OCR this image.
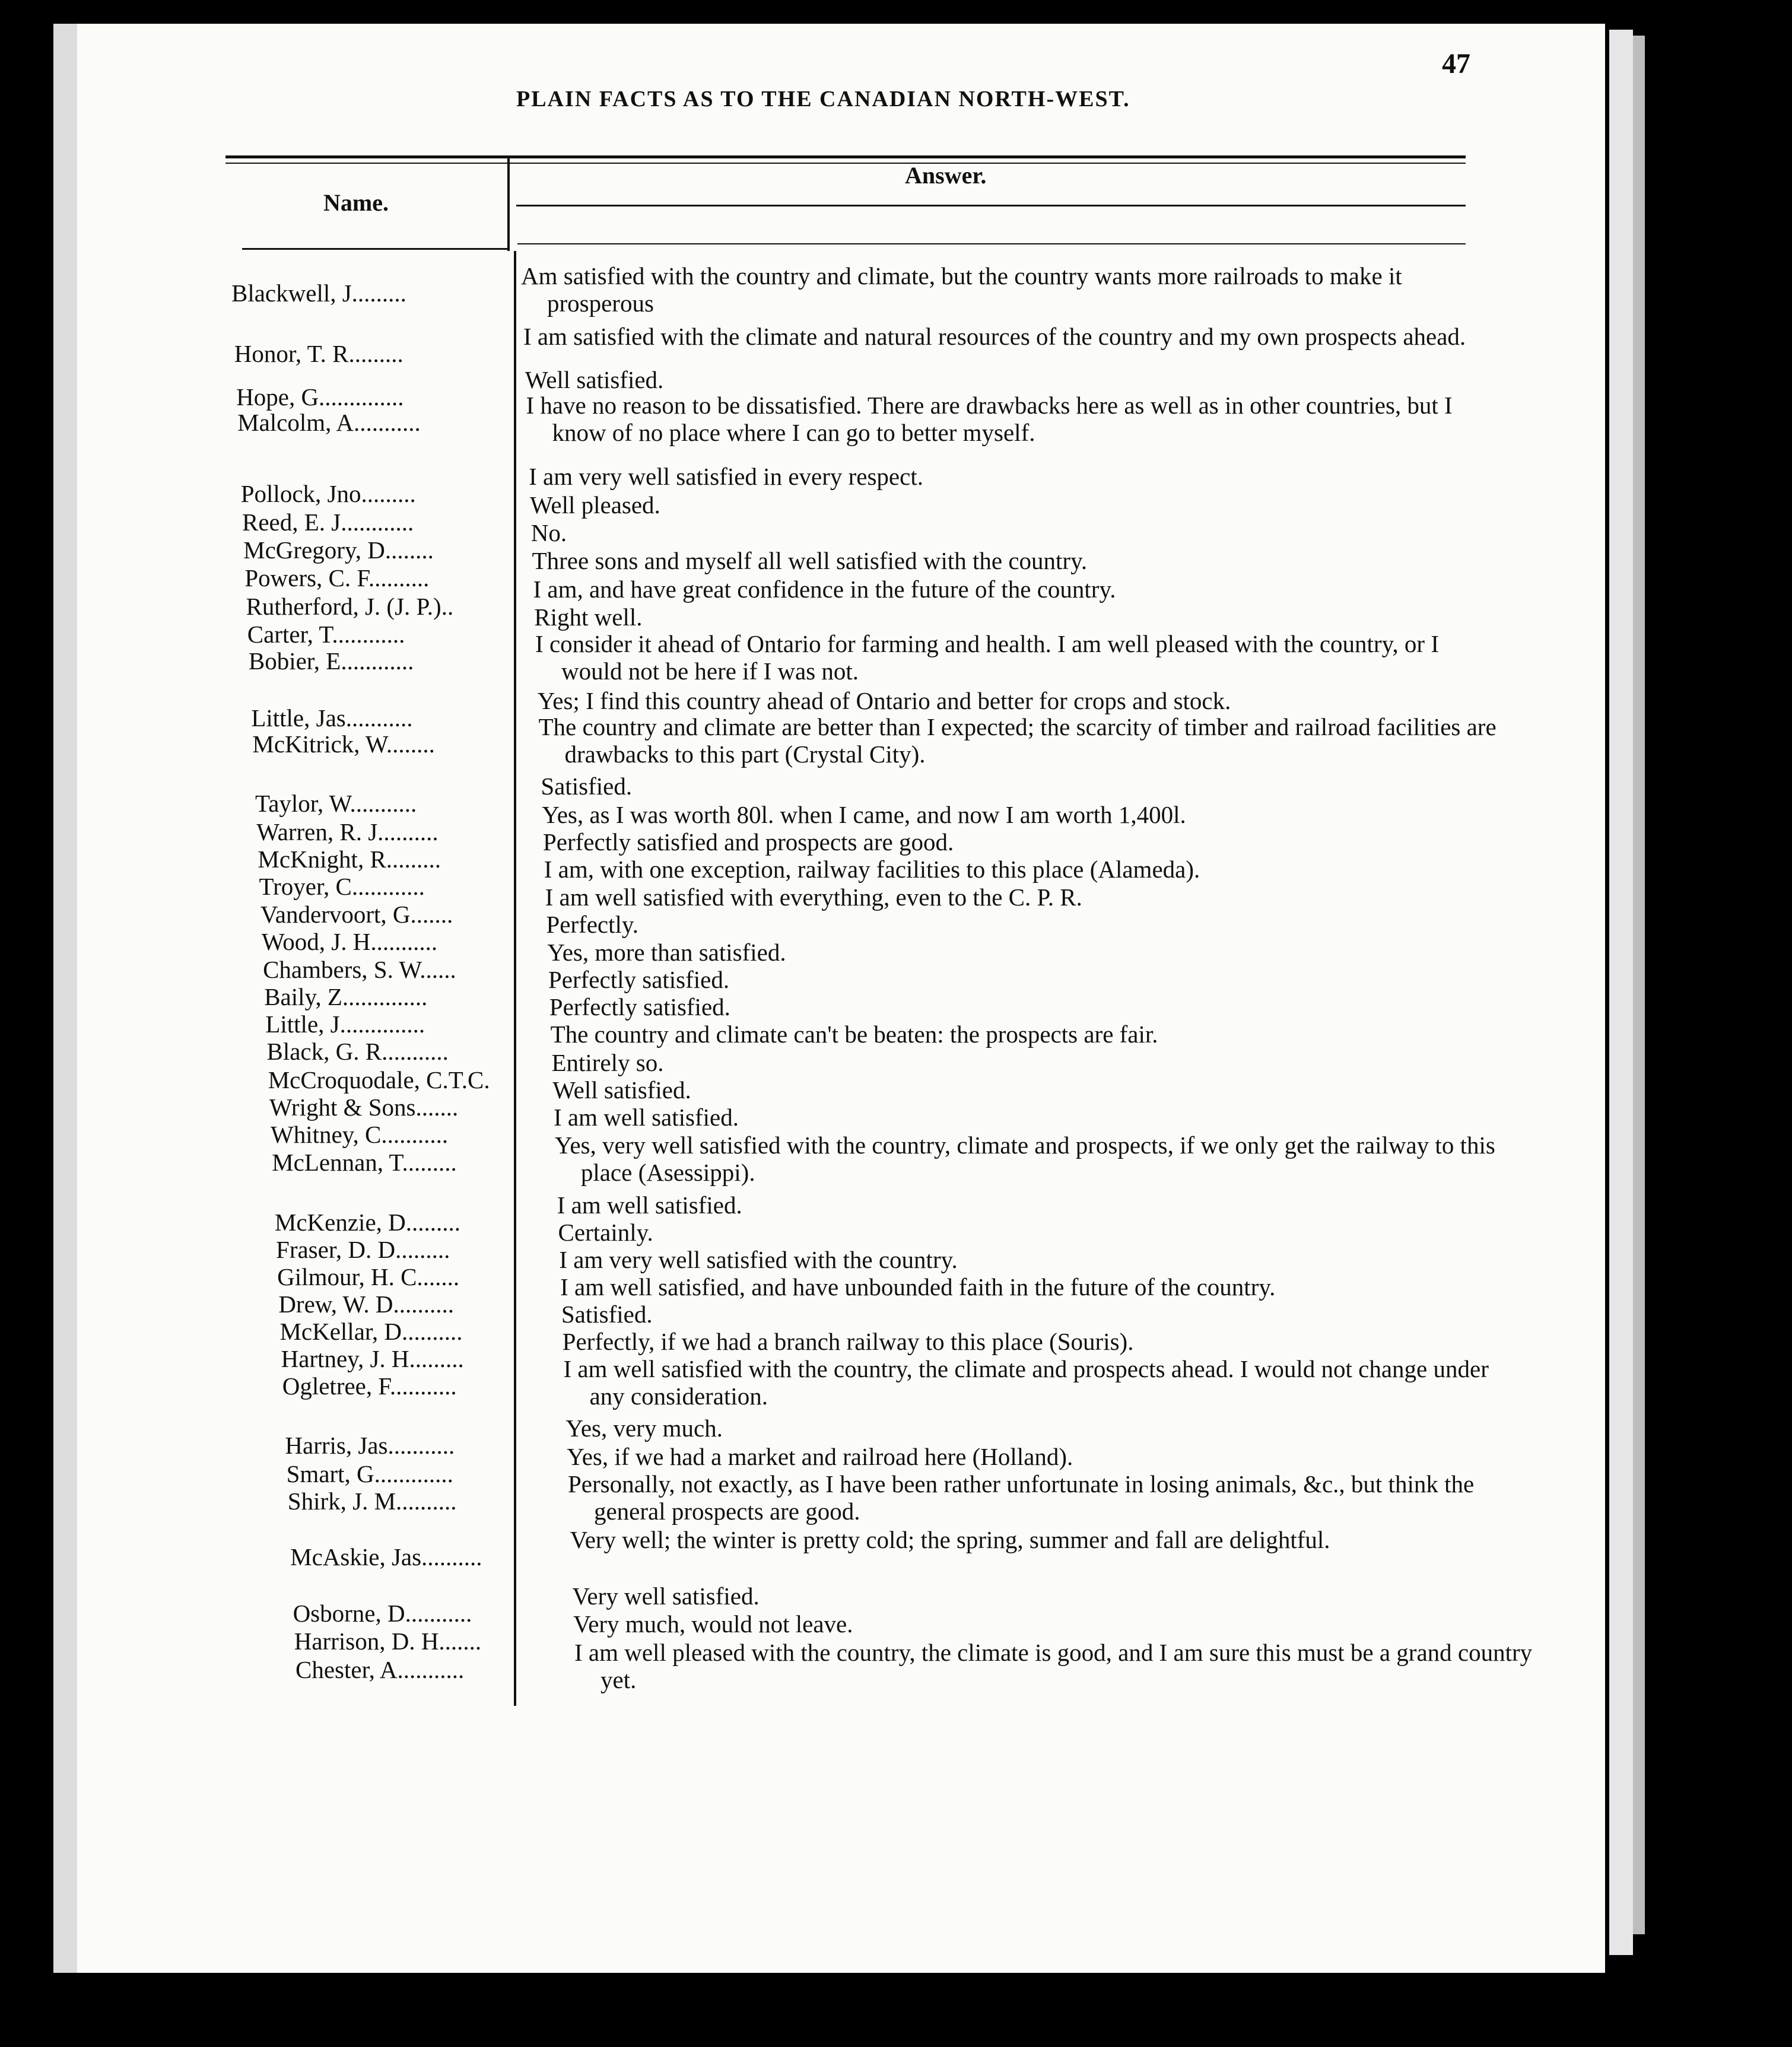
PLAIN FACTS AS TO THE CANADIAN NORTH-WEST.
47
Name.
Answer.
Blackwell, J.........
Am satisfied with the country and climate, but the country wants more railroads to make it prosperous
Honor, T. R.........
I am satisfied with the climate and natural resources of the country and my own prospects ahead.
Hope, G..............
Well satisfied.
Malcolm, A...........
I have no reason to be dissatisfied. There are drawbacks here as well as in other countries, but I know of no place where I can go to better myself.
Pollock, Jno.........
I am very well satisfied in every respect.
Reed, E. J............
Well pleased.
McGregory, D........
No.
Powers, C. F..........
Three sons and myself all well satisfied with the country.
Rutherford, J. (J. P.)..
I am, and have great confidence in the future of the country.
Carter, T............
Right well.
Bobier, E............
I consider it ahead of Ontario for farming and health. I am well pleased with the country, or I would not be here if I was not.
Little, Jas...........
Yes; I find this country ahead of Ontario and better for crops and stock.
McKitrick, W........
The country and climate are better than I expected; the scarcity of timber and railroad facilities are drawbacks to this part (Crystal City).
Taylor, W...........
Satisfied.
Warren, R. J..........
Yes, as I was worth 80l. when I came, and now I am worth 1,400l.
McKnight, R.........
Perfectly satisfied and prospects are good.
Troyer, C............
I am, with one exception, railway facilities to this place (Alameda).
Vandervoort, G.......
I am well satisfied with everything, even to the C. P. R.
Wood, J. H...........
Perfectly.
Chambers, S. W......
Yes, more than satisfied.
Baily, Z..............
Perfectly satisfied.
Little, J..............
Perfectly satisfied.
Black, G. R...........
The country and climate can't be beaten: the prospects are fair.
McCroquodale, C.T.C.
Entirely so.
Wright & Sons.......
Well satisfied.
Whitney, C...........
I am well satisfied.
McLennan, T.........
Yes, very well satisfied with the country, climate and prospects, if we only get the railway to this place (Asessippi).
McKenzie, D.........
I am well satisfied.
Fraser, D. D.........
Certainly.
Gilmour, H. C.......
I am very well satisfied with the country.
Drew, W. D..........
I am well satisfied, and have unbounded faith in the future of the country.
McKellar, D..........
Satisfied.
Hartney, J. H.........
Perfectly, if we had a branch railway to this place (Souris).
Ogletree, F...........
I am well satisfied with the country, the climate and prospects ahead. I would not change under any consideration.
Harris, Jas...........
Yes, very much.
Smart, G.............
Yes, if we had a market and railroad here (Holland).
Shirk, J. M..........
Personally, not exactly, as I have been rather unfortunate in losing animals, &c., but think the general prospects are good.
McAskie, Jas..........
Very well; the winter is pretty cold; the spring, summer and fall are delightful.
Osborne, D...........
Very well satisfied.
Harrison, D. H.......
Very much, would not leave.
Chester, A...........
I am well pleased with the country, the climate is good, and I am sure this must be a grand country yet.
